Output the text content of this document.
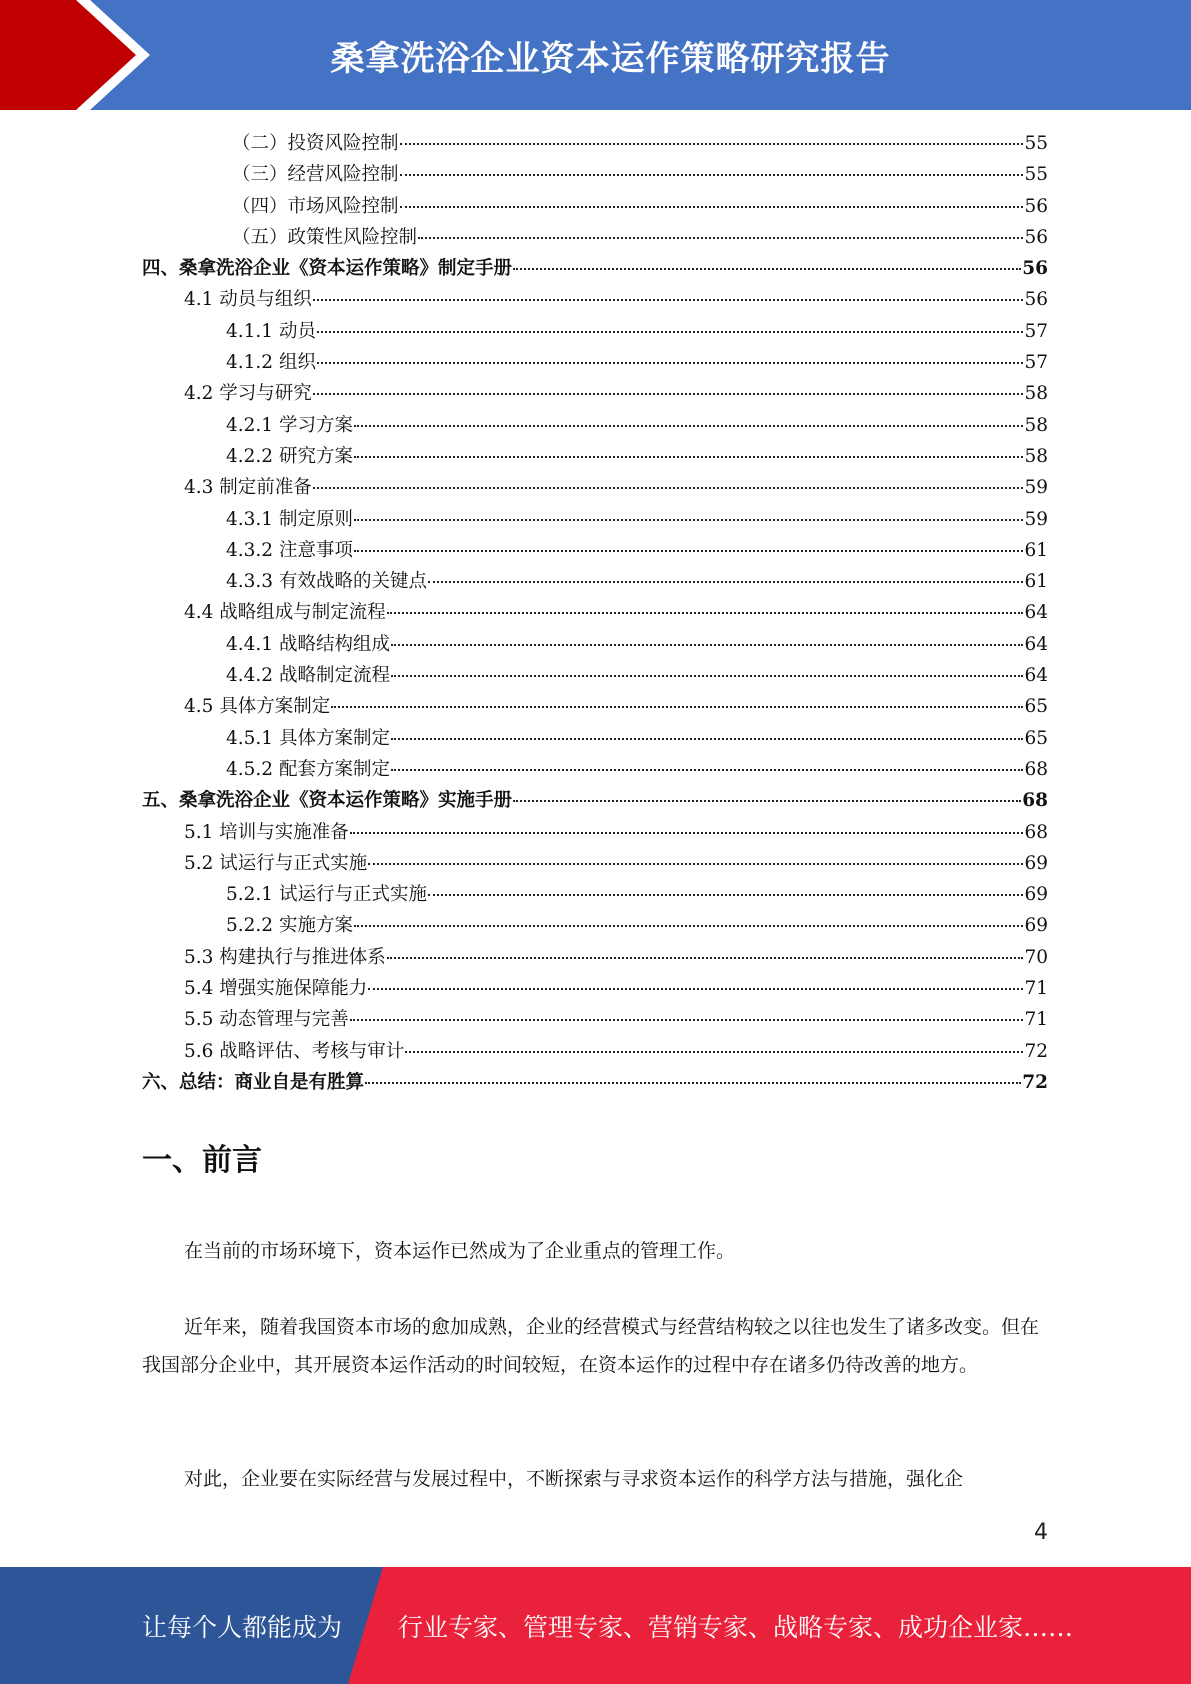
桑拿洗浴企业资本运作策略研究报告
（二）投资风险控制	55
（三）经营风险控制	55
（四）市场风险控制	56
（五）政策性风险控制	56
四、桑拿洗浴企业《资本运作策略》制定手册	56
4.1 动员与组织	56
4.1.1 动员	57
4.1.2 组织	57
4.2 学习与研究	58
4.2.1 学习方案	58
4.2.2 研究方案	58
4.3 制定前准备	59
4.3.1 制定原则	59
4.3.2 注意事项	61
4.3.3 有效战略的关键点	61
4.4 战略组成与制定流程	64
4.4.1 战略结构组成	64
4.4.2 战略制定流程	64
4.5 具体方案制定	65
4.5.1 具体方案制定	65
4.5.2 配套方案制定	68
五、桑拿洗浴企业《资本运作策略》实施手册	68
5.1 培训与实施准备	68
5.2 试运行与正式实施	69
5.2.1 试运行与正式实施	69
5.2.2 实施方案	69
5.3 构建执行与推进体系	70
5.4 增强实施保障能力	71
5.5 动态管理与完善	71
5.6 战略评估、考核与审计	72
六、总结：商业自是有胜算	72
一、前言
在当前的市场环境下，资本运作已然成为了企业重点的管理工作。
近年来，随着我国资本市场的愈加成熟，企业的经营模式与经营结构较之以往也发生了诸多改变。但在我国部分企业中，其开展资本运作活动的时间较短，在资本运作的过程中存在诸多仍待改善的地方。
对此，企业要在实际经营与发展过程中，不断探索与寻求资本运作的科学方法与措施，强化企
4
让每个人都能成为 行业专家、管理专家、营销专家、战略专家、成功企业家……
